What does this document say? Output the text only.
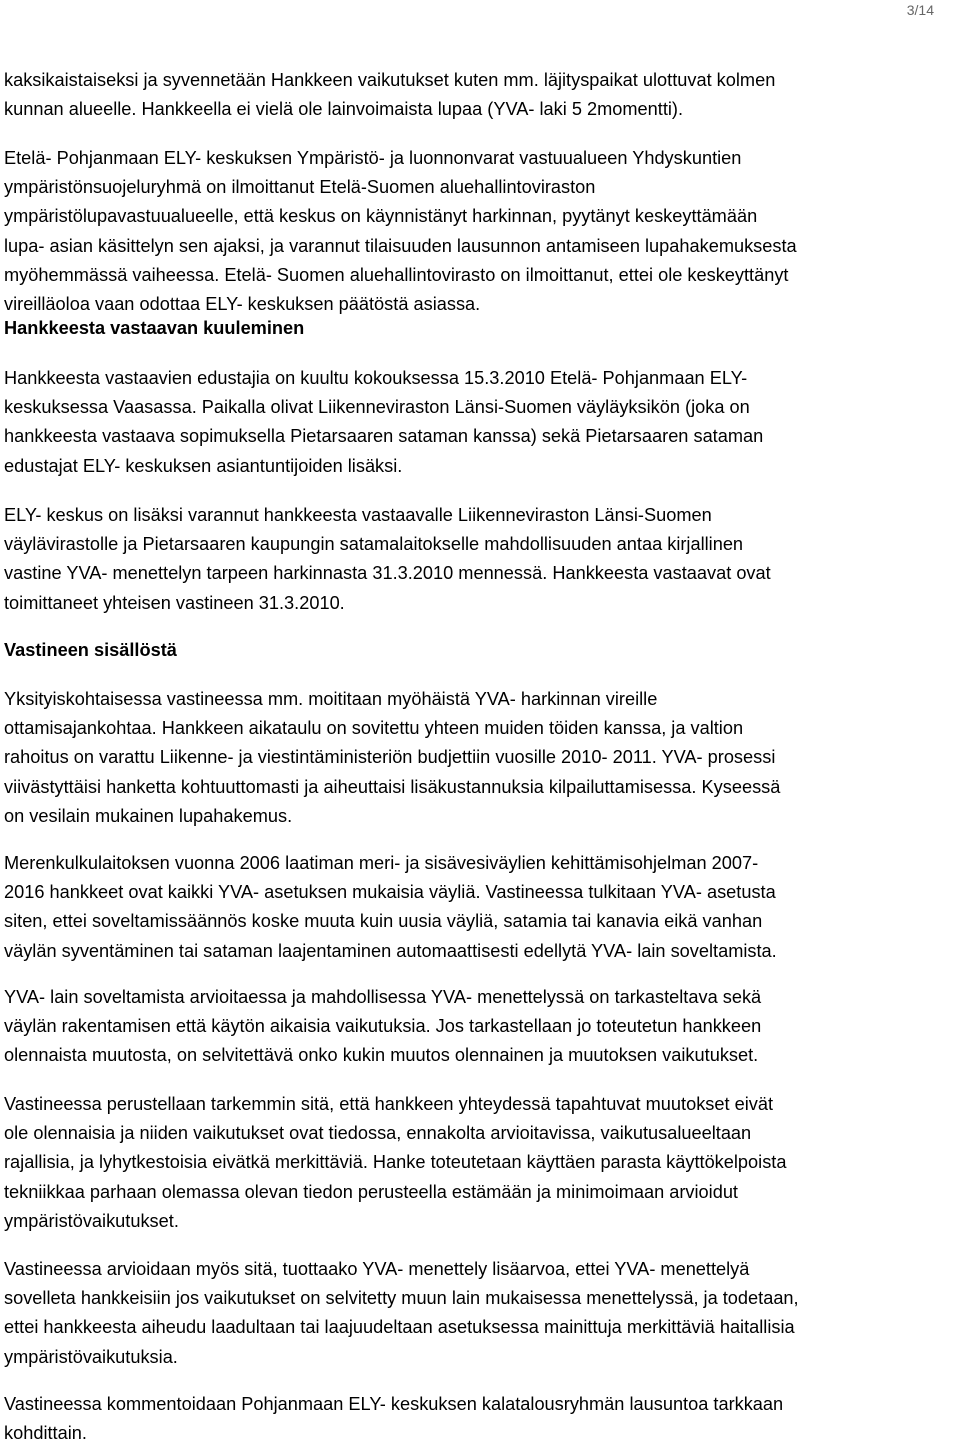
3/14

kaksikaistaiseksi ja syvennetään Hankkeen vaikutukset kuten mm. läjityspaikat ulottuvat kolmen
kunnan alueelle. Hankkeella ei vielä ole lainvoimaista lupaa (YVA- laki 5 2momentti).

Etelä- Pohjanmaan ELY- keskuksen Ympäristö- ja luonnonvarat vastuualueen Yhdyskuntien
ympäristönsuojeluryhmä on ilmoittanut Etelä-Suomen aluehallintoviraston
ympäristölupavastuualueelle, että keskus on käynnistänyt harkinnan, pyytänyt keskeyttämään
lupa- asian käsittelyn sen ajaksi, ja varannut tilaisuuden lausunnon antamiseen lupahakemuksesta
myöhemmässä vaiheessa. Etelä- Suomen aluehallintovirasto on ilmoittanut, ettei ole keskeyttänyt
vireilläoloa vaan odottaa ELY- keskuksen päätöstä asiassa.

Hankkeesta vastaavan kuuleminen

Hankkeesta vastaavien edustajia on kuultu kokouksessa 15.3.2010 Etelä- Pohjanmaan ELY-
keskuksessa Vaasassa. Paikalla olivat Liikenneviraston Länsi-Suomen väyläyksikön (joka on
hankkeesta vastaava sopimuksella Pietarsaaren sataman kanssa) sekä Pietarsaaren sataman
edustajat ELY- keskuksen asiantuntijoiden lisäksi.

ELY- keskus on lisäksi varannut hankkeesta vastaavalle Liikenneviraston Länsi-Suomen
väylävirastolle ja Pietarsaaren kaupungin satamalaitokselle mahdollisuuden antaa kirjallinen
vastine YVA- menettelyn tarpeen harkinnasta 31.3.2010 mennessä. Hankkeesta vastaavat ovat
toimittaneet yhteisen vastineen 31.3.2010.

Vastineen sisällöstä

Yksityiskohtaisessa vastineessa mm. moititaan myöhäistä YVA- harkinnan vireille
ottamisajankohtaa. Hankkeen aikataulu on sovitettu yhteen muiden töiden kanssa, ja valtion
rahoitus on varattu Liikenne- ja viestintäministeriön budjettiin vuosille 2010- 2011. YVA- prosessi
viivästyttäisi hanketta kohtuuttomasti ja aiheuttaisi lisäkustannuksia kilpailuttamisessa. Kyseessä
on vesilain mukainen lupahakemus.

Merenkulkulaitoksen vuonna 2006 laatiman meri- ja sisävesiväylien kehittämisohjelman 2007-
2016 hankkeet ovat kaikki YVA- asetuksen mukaisia väyliä. Vastineessa tulkitaan YVA- asetusta
siten, ettei soveltamissäännös koske muuta kuin uusia väyliä, satamia tai kanavia eikä vanhan
väylän syventäminen tai sataman laajentaminen automaattisesti edellytä YVA- lain soveltamista.

YVA- lain soveltamista arvioitaessa ja mahdollisessa YVA- menettelyssä on tarkasteltava sekä
väylän rakentamisen että käytön aikaisia vaikutuksia. Jos tarkastellaan jo toteutetun hankkeen
olennaista muutosta, on selvitettävä onko kukin muutos olennainen ja muutoksen vaikutukset.

Vastineessa perustellaan tarkemmin sitä, että hankkeen yhteydessä tapahtuvat muutokset eivät
ole olennaisia ja niiden vaikutukset ovat tiedossa, ennakolta arvioitavissa, vaikutusalueeltaan
rajallisia, ja lyhytkestoisia eivätkä merkittäviä. Hanke toteutetaan käyttäen parasta käyttökelpoista
tekniikkaa parhaan olemassa olevan tiedon perusteella estämään ja minimoimaan arvioidut
ympäristövaikutukset.

Vastineessa arvioidaan myös sitä, tuottaako YVA- menettely lisäarvoa, ettei YVA- menettelyä
sovelleta hankkeisiin jos vaikutukset on selvitetty muun lain mukaisessa menettelyssä, ja todetaan,
ettei hankkeesta aiheudu laadultaan tai laajuudeltaan asetuksessa mainittuja merkittäviä haitallisia
ympäristövaikutuksia.

Vastineessa kommentoidaan Pohjanmaan ELY- keskuksen kalatalousryhmän lausuntoa tarkkaan
kohdittain.
